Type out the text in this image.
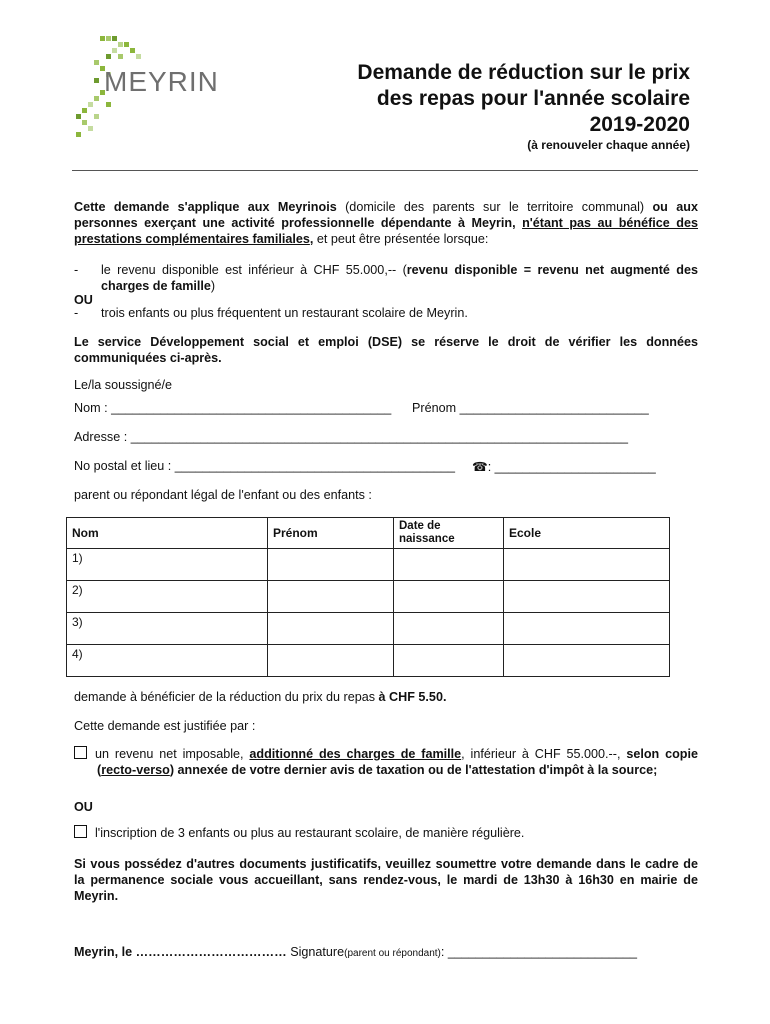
MEYRIN	Demande de réduction sur le prix
des repas pour l'année scolaire
2019-2020
(à renouveler chaque année)
Cette demande s'applique aux Meyrinois (domicile des parents sur le territoire communal) ou aux personnes exerçant une activité professionnelle dépendante à Meyrin, n'étant pas au bénéfice des prestations complémentaires familiales, et peut être présentée lorsque:
- le revenu disponible est inférieur à CHF 55.000,-- (revenu disponible = revenu net augmenté des charges de famille)
OU
- trois enfants ou plus fréquentent un restaurant scolaire de Meyrin.
Le service Développement social et emploi (DSE) se réserve le droit de vérifier les données communiquées ci-après.
Le/la soussigné/e
Nom : ________________________________________ Prénom ___________________________
Adresse : _______________________________________________________________________
No postal et lieu : ________________________________________ ☎: _______________________
parent ou répondant légal de l'enfant ou des enfants :
Nom	Prénom	Date de naissance	Ecole
1)			
2)			
3)			
4)			
demande à bénéficier de la réduction du prix du repas à CHF 5.50.
Cette demande est justifiée par :
un revenu net imposable, additionné des charges de famille, inférieur à CHF 55.000.--, selon copie (recto-verso) annexée de votre dernier avis de taxation ou de l'attestation d'impôt à la source;
OU
l'inscription de 3 enfants ou plus au restaurant scolaire, de manière régulière.
Si vous possédez d'autres documents justificatifs, veuillez soumettre votre demande dans le cadre de la permanence sociale vous accueillant, sans rendez-vous, le mardi de 13h30 à 16h30 en mairie de Meyrin.
Meyrin, le ……………………………… Signature(parent ou répondant): ___________________________
